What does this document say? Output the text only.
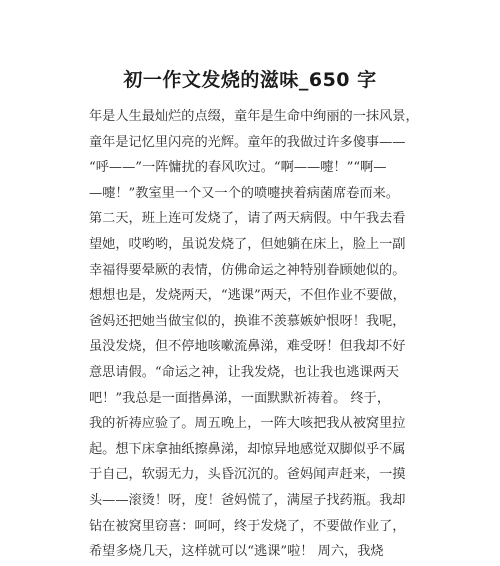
初一作文发烧的滋味_650 字
年是人生最灿烂的点缀，童年是生命中绚丽的一抹风景，
童年是记忆里闪亮的光辉。童年的我做过许多傻事——
“呼——”一阵慵扰的春风吹过。“啊——嚏！”“啊—
—嚏！”教室里一个又一个的喷嚏挟着病菌席卷而来。
第二天，班上连可发烧了，请了两天病假。中午我去看
望她，哎哟哟，虽说发烧了，但她躺在床上，脸上一副
幸福得要晕厥的表情，仿佛命运之神特别眷顾她似的。
想想也是，发烧两天，“逃课”两天，不但作业不要做，
爸妈还把她当做宝似的，换谁不羡慕嫉妒恨呀！我呢，
虽没发烧，但不停地咳嗽流鼻涕，难受呀！但我却不好
意思请假。“命运之神，让我发烧，也让我也逃课两天
吧！”我总是一面揩鼻涕，一面默默祈祷着。 终于，
我的祈祷应验了。周五晚上，一阵大咳把我从被窝里拉
起。想下床拿抽纸擦鼻涕，却惊异地感觉双脚似乎不属
于自己，软弱无力，头昏沉沉的。爸妈闻声赶来，一摸
头——滚烫！呀，度！爸妈慌了，满屋子找药瓶。我却
钻在被窝里窃喜：呵呵，终于发烧了，不要做作业了，
希望多烧几天，这样就可以“逃课”啦！ 周六，我烧
